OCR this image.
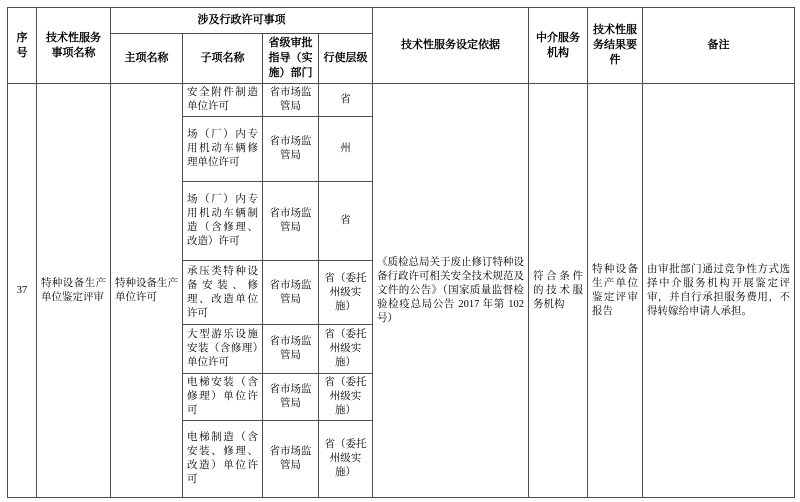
序号	技术性服务事项名称	涉及行政许可事项				技术性服务设定依据	中介服务机构	技术性服务结果要件	备注
		主项名称	子项名称	省级审批指导（实施）部门	行使层级				
37	特种设备生产单位鉴定评审	特种设备生产单位许可	安全附件制造单位许可	省市场监管局	省	《质检总局关于废止修订特种设备行政许可相关安全技术规范及文件的公告》（国家质量监督检验检疫总局公告 2017 年第 102 号）	符合条件的技术服务机构	特种设备生产单位鉴定评审报告	由审批部门通过竞争性方式选择中介服务机构开展鉴定评审，并自行承担服务费用，不得转嫁给申请人承担。
			场（厂）内专用机动车辆修理单位许可	省市场监管局	州				
			场（厂）内专用机动车辆制造（含修理、改造）许可	省市场监管局	省				
			承压类特种设备安装、修理、改造单位许可	省市场监管局	省（委托州级实施）				
			大型游乐设施安装（含修理）单位许可	省市场监管局	省（委托州级实施）				
			电梯安装（含修理）单位许可	省市场监管局	省（委托州级实施）				
			电梯制造（含安装、修理、改造）单位许可	省市场监管局	省（委托州级实施）				
